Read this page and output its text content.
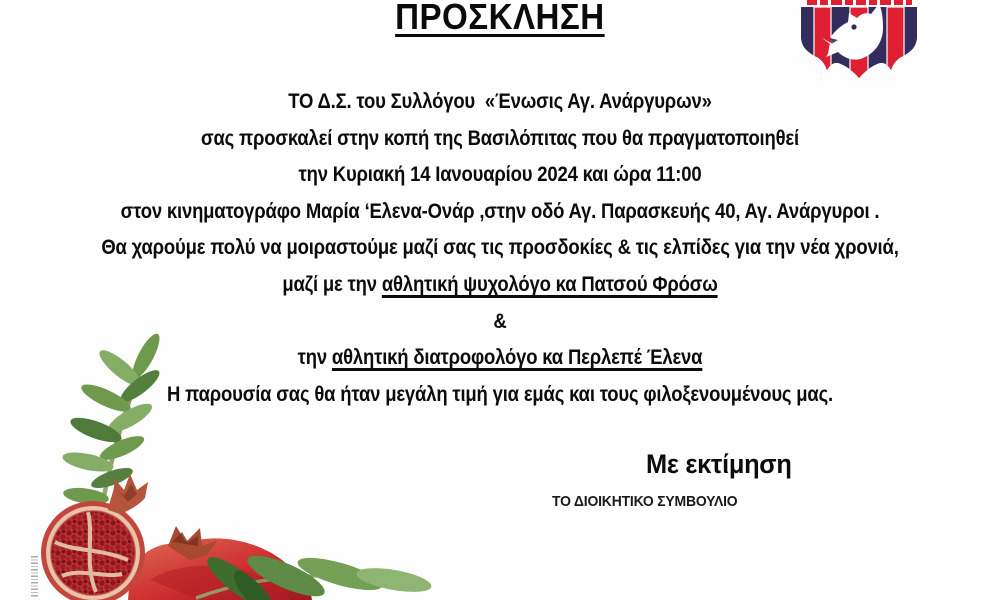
ΠΡΟΣΚΛΗΣΗ
ΤΟ Δ.Σ. του Συλλόγου  «Ένωσις Αγ. Ανάργυρων»
σας προσκαλεί στην κοπή της Βασιλόπιτας που θα πραγματοποιηθεί
την Κυριακή 14 Ιανουαρίου 2024 και ώρα 11:00
στον κινηματογράφο Μαρία ‘Ελενα-Ονάρ ,στην οδό Αγ. Παρασκευής 40, Αγ. Ανάργυροι .
Θα χαρούμε πολύ να μοιραστούμε μαζί σας τις προσδοκίες & τις ελπίδες για την νέα χρονιά,
μαζί με την αθλητική ψυχολόγο κα Πατσού Φρόσω
&
την αθλητική διατροφολόγο κα Περλεπέ Έλενα
Η παρουσία σας θα ήταν μεγάλη τιμή για εμάς και τους φιλοξενουμένους μας.
Με εκτίμηση
ΤΟ ΔΙΟΙΚΗΤΙΚΟ ΣΥΜΒΟΥΛΙΟ
